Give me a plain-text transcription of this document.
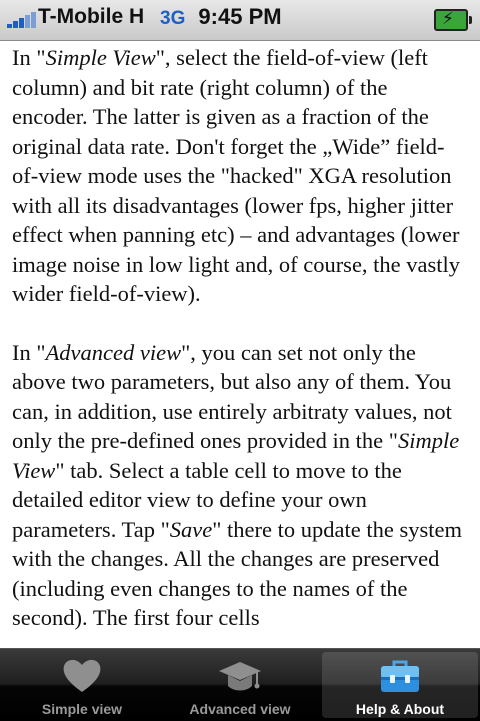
T-Mobile H 3G 9:45 PM	⚡

In "Simple View", select the field-of-view (left column) and bit rate (right column) of the encoder. The latter is given as a fraction of the original data rate. Don't forget the „Wide” field-of-view mode uses the "hacked" XGA resolution with all its disadvantages (lower fps, higher jitter effect when panning etc) – and advantages (lower image noise in low light and, of course, the vastly wider field-of-view).

In "Advanced view", you can set not only the above two parameters, but also any of them. You can, in addition, use entirely arbitraty values, not only the pre-defined ones provided in the "Simple View" tab. Select a table cell to move to the detailed editor view to define your own parameters. Tap "Save" there to update the system with the changes. All the changes are preserved (including even changes to the names of the second). The first four cells

Simple view	Advanced view	Help & About
